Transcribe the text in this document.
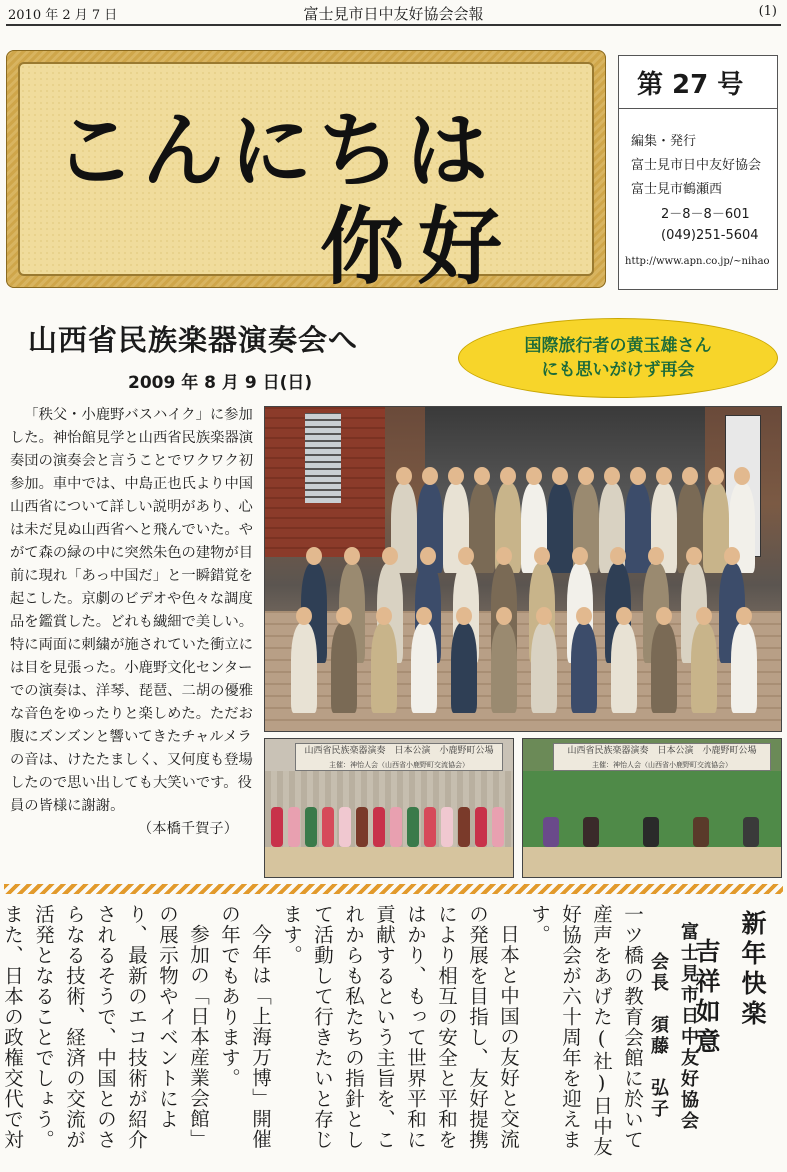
2010 年 2 月 7 日	富士見市日中友好協会会報	(1)
こんにちは
你好
第 27 号
編集・発行
富士見市日中友好協会
富士見市鶴瀬西
2－8－8－601
(049)251-5604
http://www.apn.co.jp/~nihao
山西省民族楽器演奏会へ
2009 年 8 月 9 日(日)
国際旅行者の黄玉雄さん
にも思いがけず再会

「秩父・小鹿野バスハイク」に参加した。神怡館見学と山西省民族楽器演奏団の演奏会と言うことでワクワク初参加。車中では、中島正也氏より中国山西省について詳しい説明があり、心は未だ見ぬ山西省へと飛んでいた。やがて森の緑の中に突然朱色の建物が目前に現れ「あっ中国だ」と一瞬錯覚を起こした。京劇のビデオや色々な調度品を鑑賞した。どれも繊細で美しい。特に両面に刺繍が施されていた衝立には目を見張った。小鹿野文化センターでの演奏は、洋琴、琵琶、二胡の優雅な音色をゆったりと楽しめた。ただお腹にズンズンと響いてきたチャルメラの音は、けたたましく、又何度も登場したので思い出しても大笑いです。役員の皆様に謝謝。

（本橋千賀子）
山西省民族楽器演奏　日本公演　小鹿野町公場
主催：神怡人会（山西省小鹿野町交流協会）
山西省民族楽器演奏　日本公演　小鹿野町公場
主催：神怡人会（山西省小鹿野町交流協会）
新年快楽
吉祥如意
富士見市日中友好協会
会長　須藤　弘子

一ツ橋の教育会館に於いて産声をあげた(社)日中友好協会が六十周年を迎えます。

日本と中国の友好と交流の発展を目指し、友好提携により相互の安全と平和をはかり、もって世界平和に貢献するという主旨を、これからも私たちの指針として活動して行きたいと存じます。

今年は「上海万博」開催の年でもあります。

参加の「日本産業会館」の展示物やイベントにより、最新のエコ技術が紹介されるそうで、中国とのさらなる技術、経済の交流が活発となることでしょう。また、日本の政権交代で対
